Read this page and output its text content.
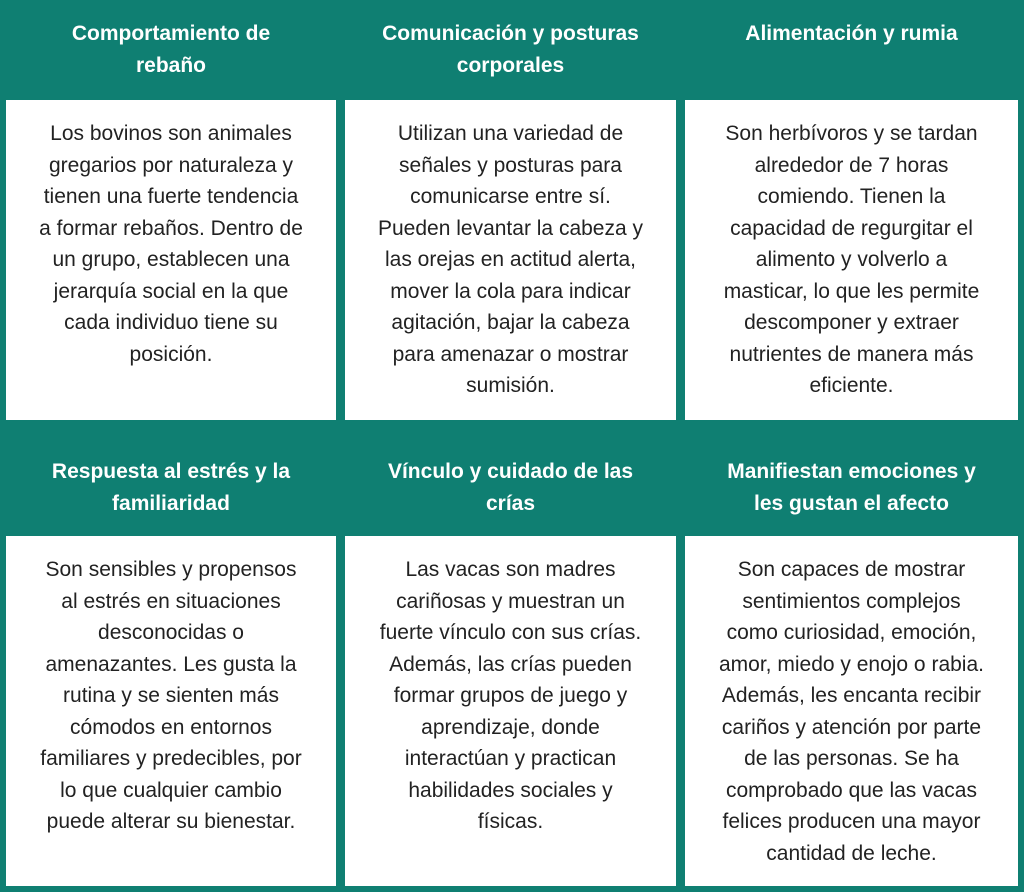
Comportamiento de
rebaño
Comunicación y posturas
corporales
Alimentación y rumia
Los bovinos son animales
gregarios por naturaleza y
tienen una fuerte tendencia
a formar rebaños. Dentro de
un grupo, establecen una
jerarquía social en la que
cada individuo tiene su
posición.
Utilizan una variedad de
señales y posturas para
comunicarse entre sí.
Pueden levantar la cabeza y
las orejas en actitud alerta,
mover la cola para indicar
agitación, bajar la cabeza
para amenazar o mostrar
sumisión.
Son herbívoros y se tardan
alrededor de 7 horas
comiendo. Tienen la
capacidad de regurgitar el
alimento y volverlo a
masticar, lo que les permite
descomponer y extraer
nutrientes de manera más
eficiente.
Respuesta al estrés y la
familiaridad
Vínculo y cuidado de las
crías
Manifiestan emociones y
les gustan el afecto
Son sensibles y propensos
al estrés en situaciones
desconocidas o
amenazantes. Les gusta la
rutina y se sienten más
cómodos en entornos
familiares y predecibles, por
lo que cualquier cambio
puede alterar su bienestar.
Las vacas son madres
cariñosas y muestran un
fuerte vínculo con sus crías.
Además, las crías pueden
formar grupos de juego y
aprendizaje, donde
interactúan y practican
habilidades sociales y
físicas.
Son capaces de mostrar
sentimientos complejos
como curiosidad, emoción,
amor, miedo y enojo o rabia.
Además, les encanta recibir
cariños y atención por parte
de las personas. Se ha
comprobado que las vacas
felices producen una mayor
cantidad de leche.
